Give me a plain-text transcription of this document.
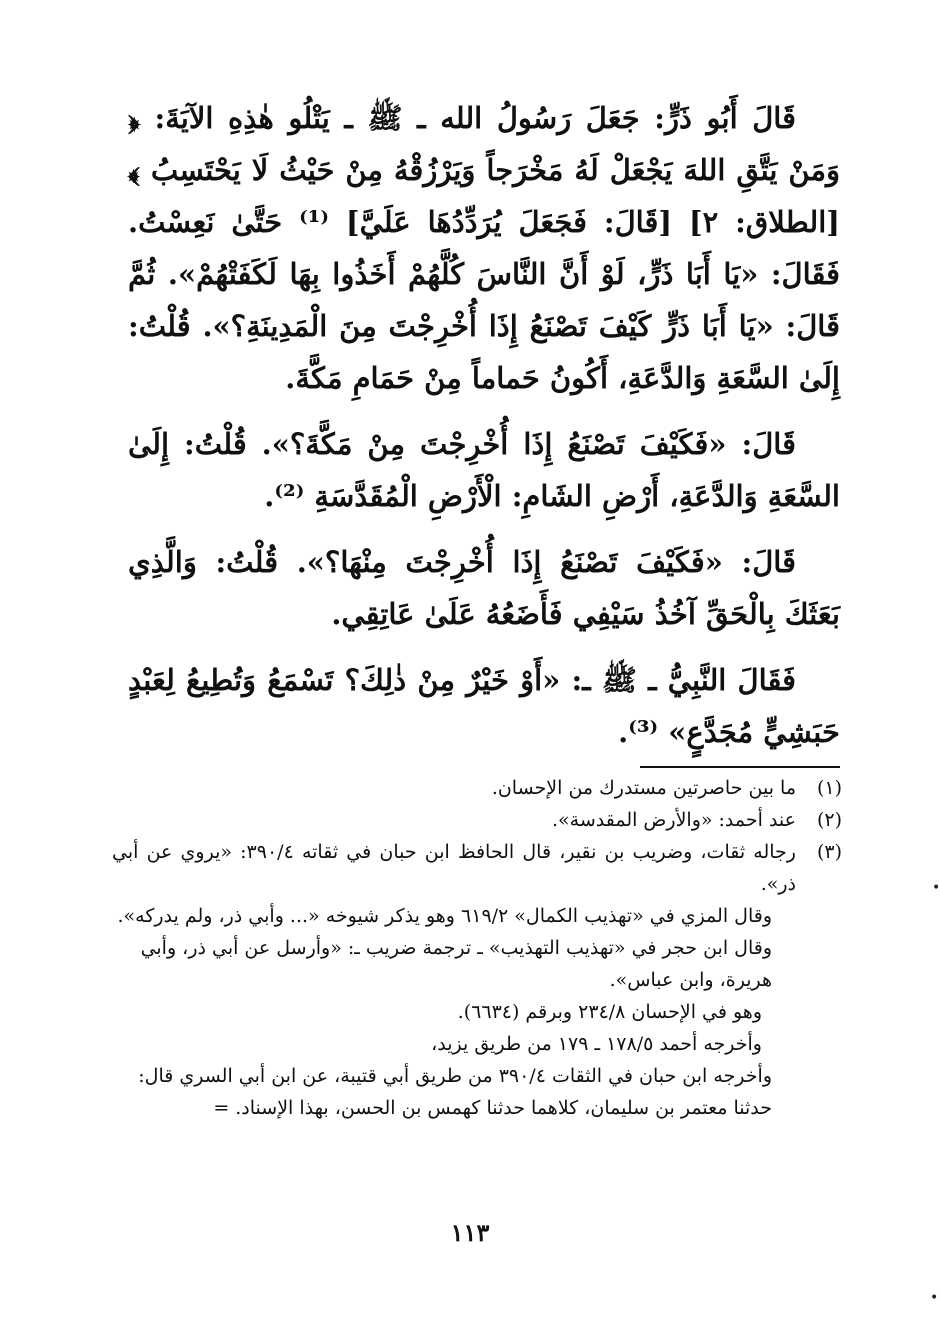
قَالَ أَبُو ذَرٍّ: جَعَلَ رَسُولُ الله ـ ﷺ ـ يَتْلُو هٰذِهِ الآيَةَ: ﴿ وَمَنْ يَتَّقِ اللهَ يَجْعَلْ لَهُ مَخْرَجاً وَيَرْزُقْهُ مِنْ حَيْثُ لَا يَحْتَسِبُ ﴾ [الطلاق: ٢] [قَالَ: فَجَعَلَ يُرَدِّدُهَا عَلَيَّ] ⁽¹⁾ حَتَّىٰ نَعِسْتُ. فَقَالَ: «يَا أَبَا ذَرٍّ، لَوْ أَنَّ النَّاسَ كُلَّهُمْ أَخَذُوا بِهَا لَكَفَتْهُمْ». ثُمَّ قَالَ: «يَا أَبَا ذَرٍّ كَيْفَ تَصْنَعُ إِذَا أُخْرِجْتَ مِنَ الْمَدِينَةِ؟». قُلْتُ: إِلَىٰ السَّعَةِ وَالدَّعَةِ، أَكُونُ حَماماً مِنْ حَمَامِ مَكَّةَ.

قَالَ: «فَكَيْفَ تَصْنَعُ إِذَا أُخْرِجْتَ مِنْ مَكَّةَ؟». قُلْتُ: إِلَىٰ السَّعَةِ وَالدَّعَةِ، أَرْضِ الشَامِ: الْأَرْضِ الْمُقَدَّسَةِ ⁽²⁾.

قَالَ: «فَكَيْفَ تَصْنَعُ إِذَا أُخْرِجْتَ مِنْهَا؟». قُلْتُ: وَالَّذِي بَعَثَكَ بِالْحَقِّ آخُذُ سَيْفِي فَأَضَعُهُ عَلَىٰ عَاتِقِي.

فَقَالَ النَّبِيُّ ـ ﷺ ـ: «أَوْ خَيْرٌ مِنْ ذٰلِكَ؟ تَسْمَعُ وَتُطِيعُ لِعَبْدٍ حَبَشِيٍّ مُجَدَّعٍ» ⁽³⁾.

(١)
ما بين حاصرتين مستدرك من الإحسان.
(٢)
عند أحمد: «والأرض المقدسة».
(٣)
رجاله ثقات، وضريب بن نقير، قال الحافظ ابن حبان في ثقاته ٣٩٠/٤: «يروي عن أبي ذر».
وقال المزي في «تهذيب الكمال» ٦١٩/٢ وهو يذكر شيوخه «... وأبي ذر، ولم يدركه».
وقال ابن حجر في «تهذيب التهذيب» ـ ترجمة ضريب ـ: «وأرسل عن أبي ذر، وأبي هريرة، وابن عباس».
وهو في الإحسان ٢٣٤/٨ وبرقم (٦٦٣٤).
وأخرجه أحمد ١٧٨/٥ ـ ١٧٩ من طريق يزيد،
وأخرجه ابن حبان في الثقات ٣٩٠/٤ من طريق أبي قتيبة، عن ابن أبي السري قال: حدثنا معتمر بن سليمان، كلاهما حدثنا كهمس بن الحسن، بهذا الإسناد. =
١١٣
•
•
